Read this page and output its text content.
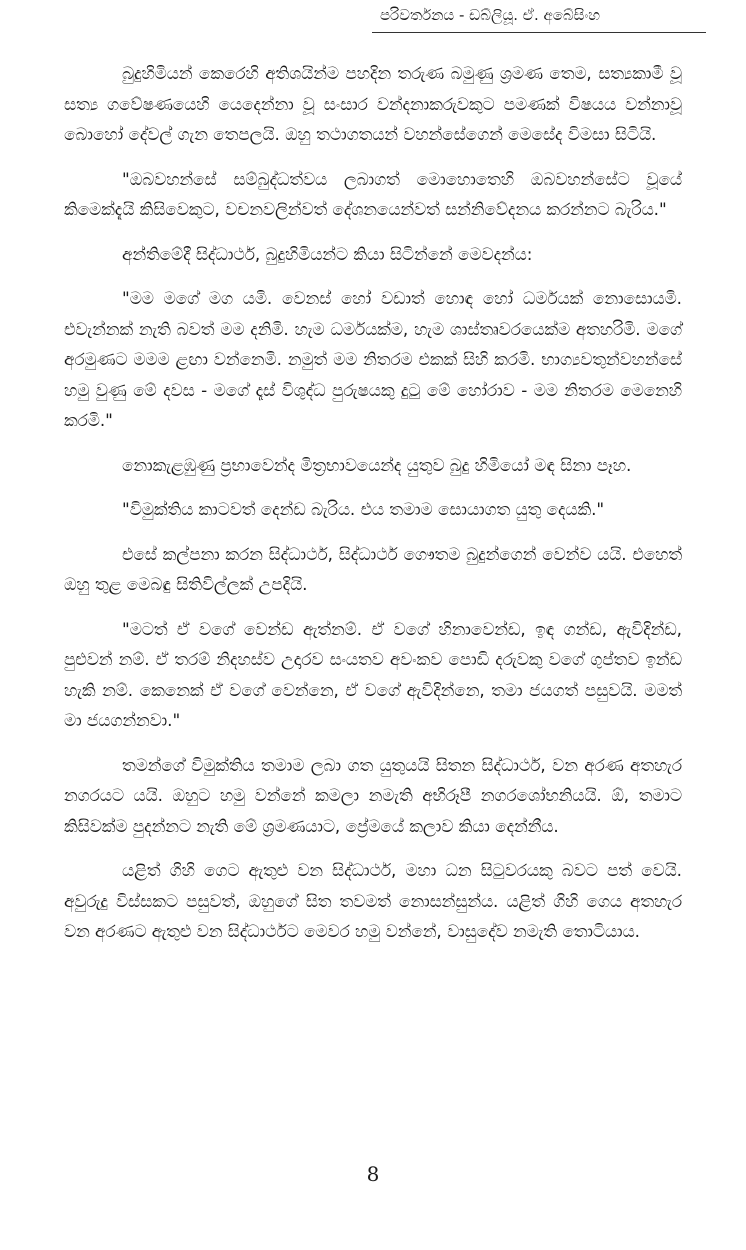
පරිවර්තනය - ඩබ්ලියූ. ඒ. අබේසිංහ

බුදුහිමියන් කෙරෙහි අතිශයින්ම පහදින තරුණ බමුණු ශ්‍රමණ තෙම, සත්‍යකාමී වූ සත්‍ය ගවේෂණයෙහි යෙදෙන්නා වූ සංසාර වන්දනාකරුවකුට පමණක් විෂයය වන්නාවූ බොහෝ දේවල් ගැන තෙපලයි. ඔහු තථාගතයන් වහන්සේගෙන් මෙසේද විමසා සිටියි.

"ඔබවහන්සේ සම්බුද්ධත්වය ලබාගත් මොහොතෙහි ඔබවහන්සේට වූයේ කිමෙක්දැයි කිසිවෙකුට, වචනවලින්වත් දේශනයෙන්වත් සන්නිවේදනය කරන්නට බැරිය."

අන්තිමේදී සිද්ධාර්ථ, බුදුහිමියන්ට කියා සිටින්නේ මෙවදන්ය:

"මම මගේ මග යමි. වෙනස් හෝ වඩාත් හොඳ හෝ ධර්මයක් නොසොයමි. එවැන්නක් නැති බවත් මම දනිමි. හැම ධර්මයක්ම, හැම ශාස්තෘවරයෙක්ම අතහරිමි. මගේ අරමුණට මමම ළඟා වන්නෙමි. නමුත් මම නිතරම එකක් සිහි කරමි. භාග්‍යවතුන්වහන්සේ හමු වුණු මේ දවස - මගේ දෑස් විශුද්ධ පුරුෂයකු දුටු මේ හෝරාව - මම නිතරම මෙනෙහි කරමි."

නොකැළඹුණු ප්‍රභාවෙන්ද මිත්‍රභාවයෙන්ද යුතුව බුදු හිමියෝ මඳ සිනා පෑහ.

"විමුක්තිය කාටවත් දෙන්ඩ බැරිය. එය තමාම සොයාගත යුතු දෙයකි."

එසේ කල්පනා කරන සිද්ධාර්ථ, සිද්ධාර්ථ ගෞතම බුදුන්ගෙන් වෙන්ව යයි. එහෙත් ඔහු තුළ මෙබඳු සිතිවිල්ලක් උපදියි.

"මටත් ඒ වගේ වෙන්ඩ ඇත්නම්. ඒ වගේ හිනාවෙන්ඩ, ඉඳ ගන්ඩ, ඇවිදින්ඩ, පුළුවන් නම්. ඒ තරම් නිදහස්ව උදාරව සංයතව අවංකව පොඩි දරුවකු වගේ ගුප්තව ඉන්ඩ හැකි නම්. කෙනෙක් ඒ වගේ වෙන්නෙ, ඒ වගේ ඇවිදින්නෙ, තමා ජයගත් පසුවයි. මමත් මා ජයගන්නවා."

තමන්ගේ විමුක්තිය තමාම ලබා ගත යුතුයයි සිතන සිද්ධාර්ථ, වන අරණ අතහැර නගරයට යයි. ඔහුට හමු වන්නේ කමලා නමැති අභිරූපී නගරශෝභනියයි. ඕ, තමාට කිසිවක්ම පුදන්නට නැති මේ ශ්‍රමණයාට, ප්‍රේමයේ කලාව කියා දෙන්නීය.

යළිත් ගිහි ගෙට ඇතුළු වන සිද්ධාර්ථ, මහා ධන සිටුවරයකු බවට පත් වෙයි. අවුරුදු විස්සකට පසුවත්, ඔහුගේ සිත තවමත් නොසන්සුන්ය. යළිත් ගිහි ගෙය අතහැර වන අරණට ඇතුළු වන සිද්ධාර්ථට මෙවර හමු වන්නේ, වාසුදේව නමැති තොටියාය.

8
